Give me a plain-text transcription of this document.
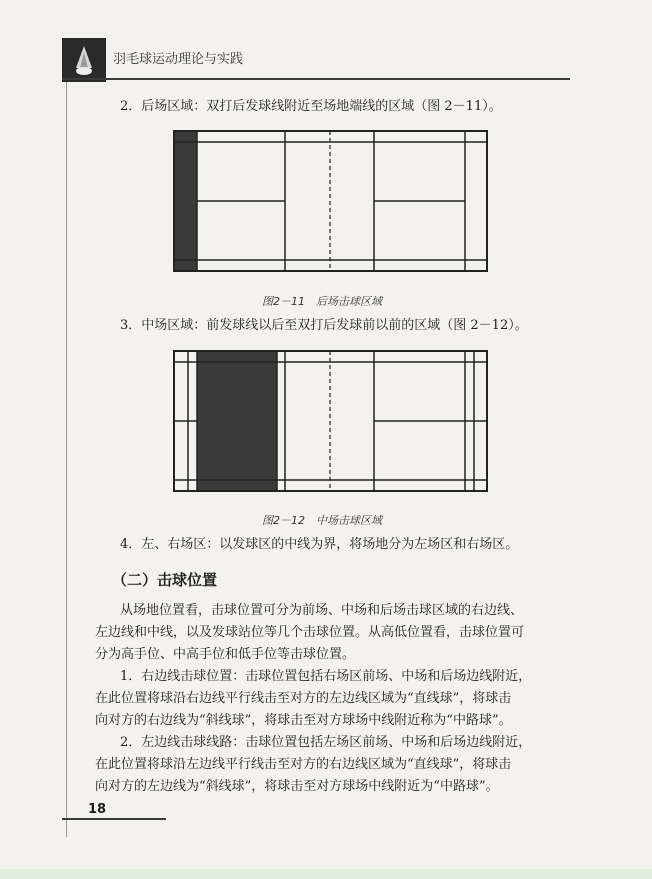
羽毛球运动理论与实践
2．后场区域：双打后发球线附近至场地端线的区域（图 2－11）。
图2－11　后场击球区域
3．中场区域：前发球线以后至双打后发球前以前的区域（图 2－12）。
图2－12　中场击球区域
4．左、右场区：以发球区的中线为界，将场地分为左场区和右场区。
（二）击球位置
从场地位置看，击球位置可分为前场、中场和后场击球区域的右边线、
左边线和中线，以及发球站位等几个击球位置。从高低位置看，击球位置可
分为高手位、中高手位和低手位等击球位置。
1．右边线击球位置：击球位置包括右场区前场、中场和后场边线附近，
在此位置将球沿右边线平行线击至对方的左边线区域为“直线球”，将球击
向对方的右边线为“斜线球”，将球击至对方球场中线附近称为“中路球”。
2．左边线击球线路：击球位置包括左场区前场、中场和后场边线附近，
在此位置将球沿左边线平行线击至对方的右边线区域为“直线球”，将球击
向对方的左边线为“斜线球”，将球击至对方球场中线附近为“中路球”。
18
